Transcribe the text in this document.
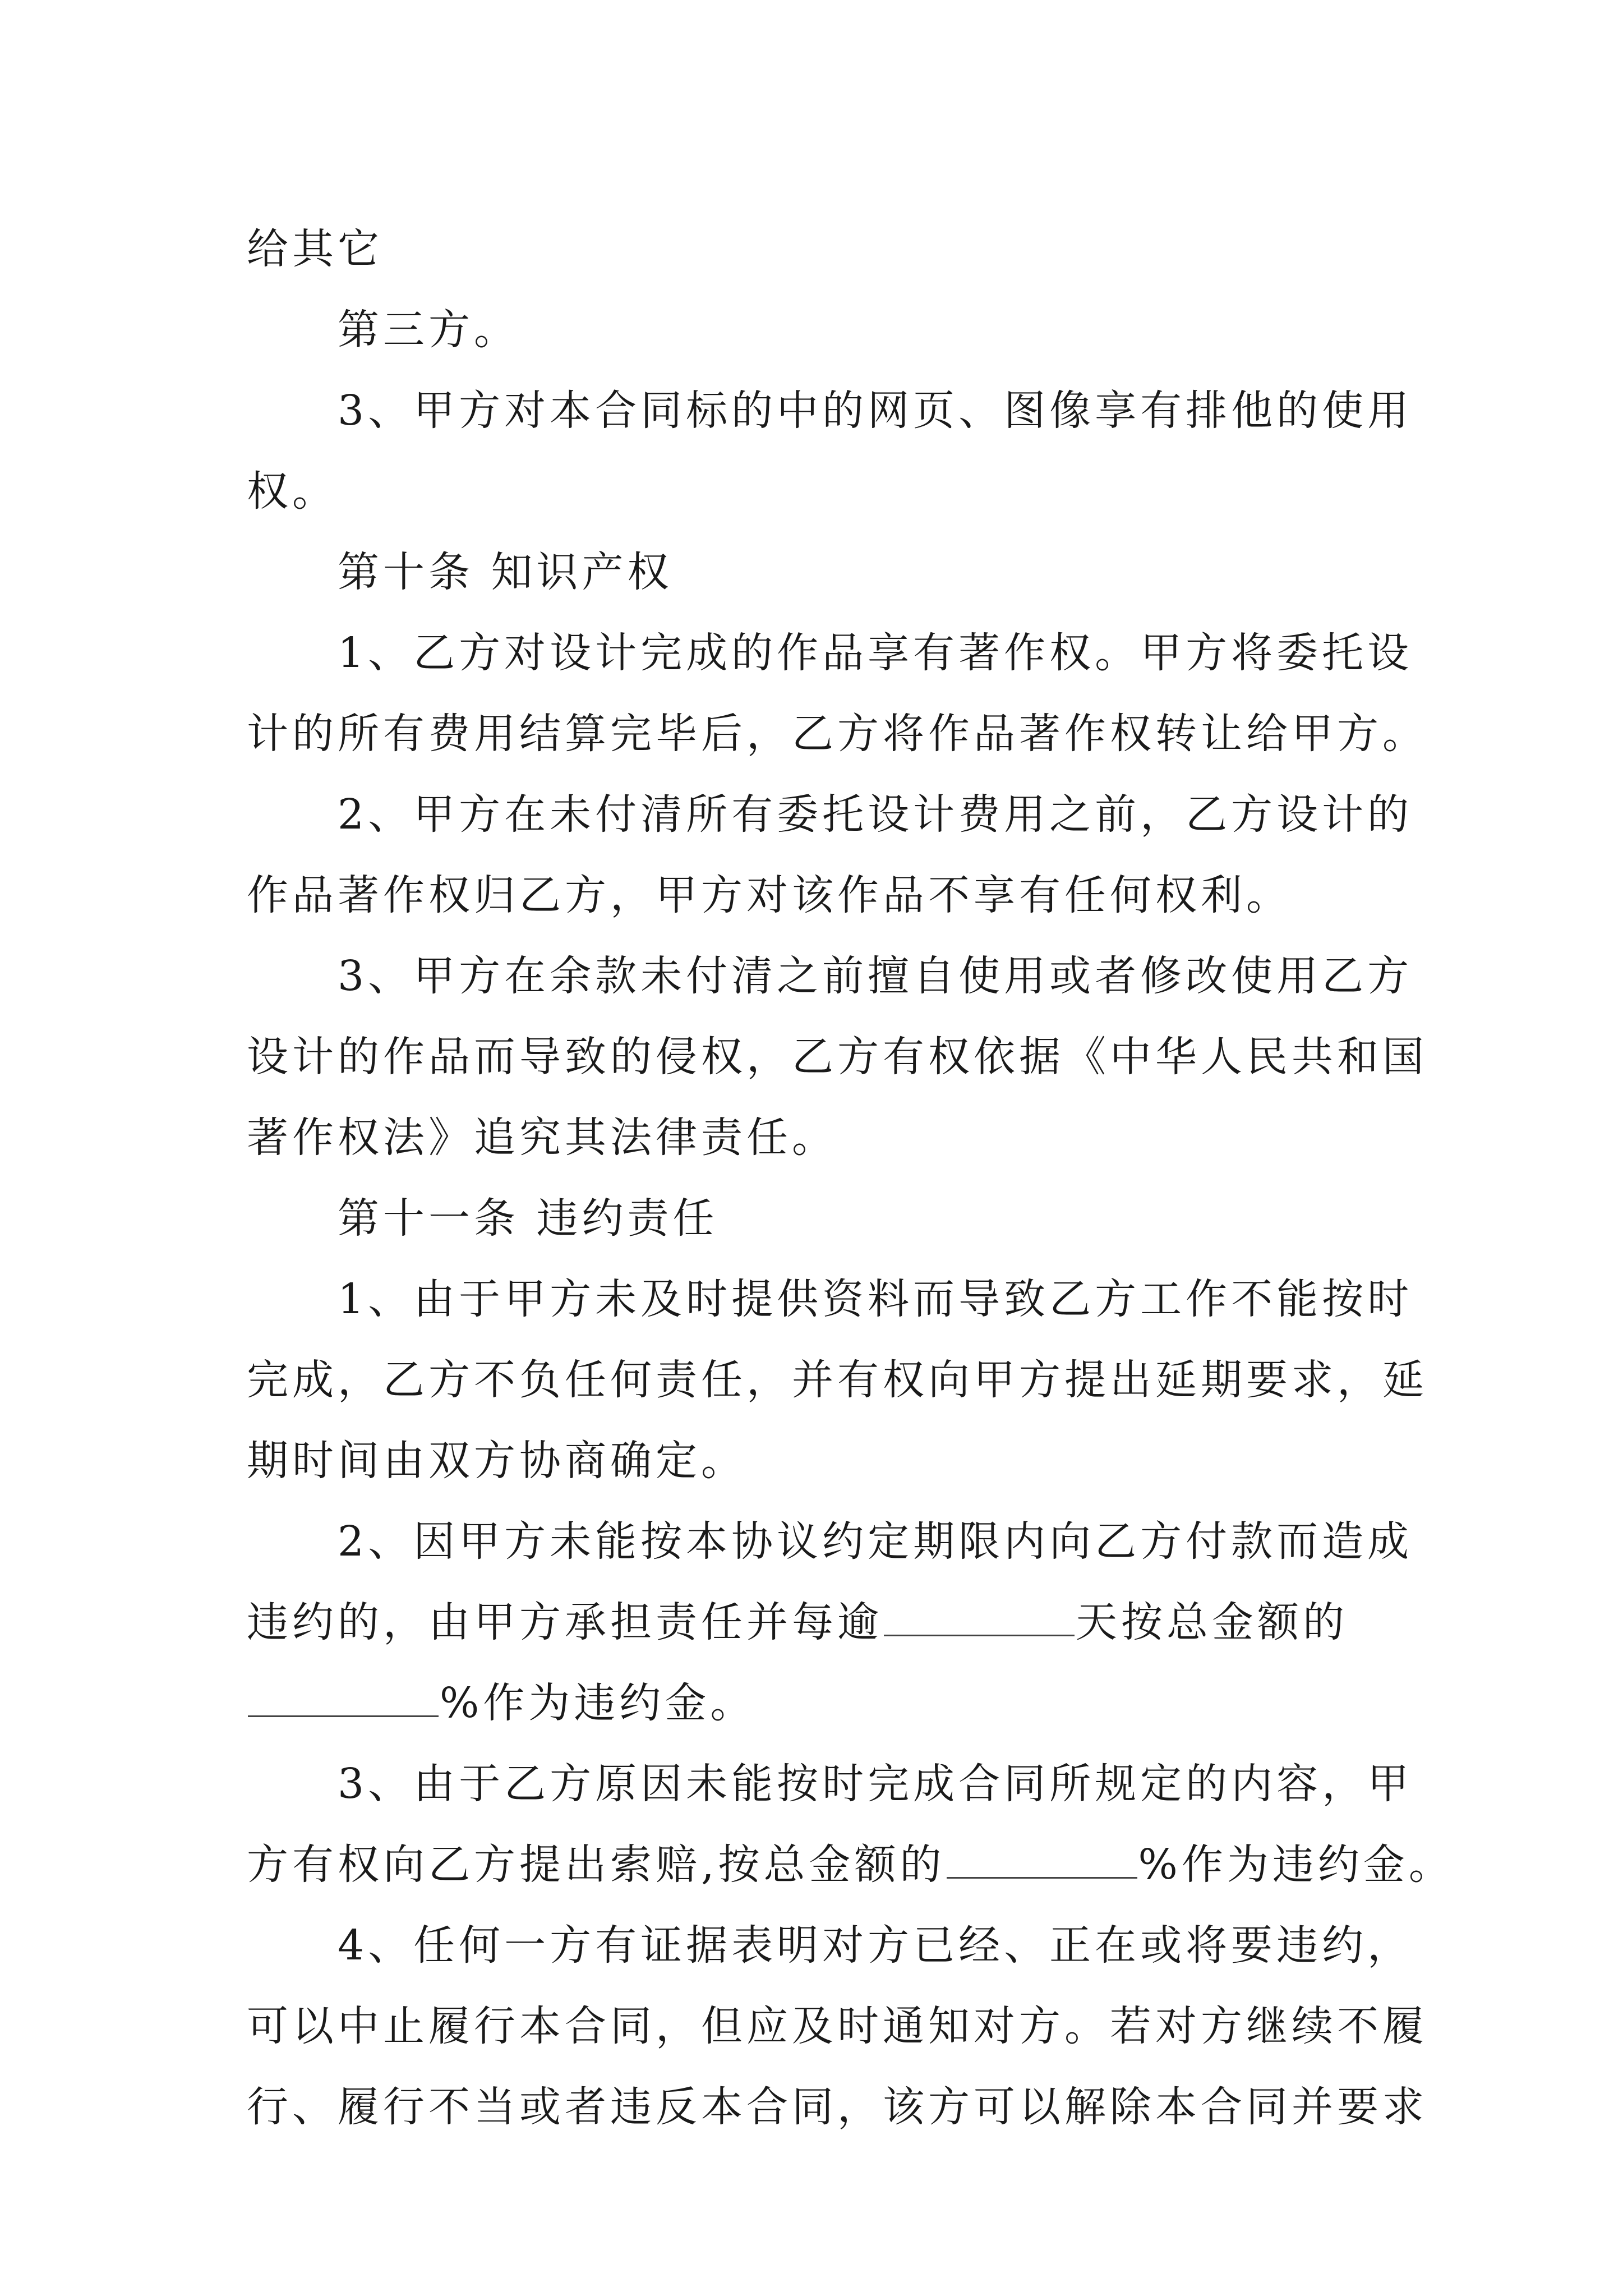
给其它
第三方。
3、甲方对本合同标的中的网页、图像享有排他的使用
权。
第十条 知识产权
1、乙方对设计完成的作品享有著作权。甲方将委托设
计的所有费用结算完毕后，乙方将作品著作权转让给甲方。
2、甲方在未付清所有委托设计费用之前，乙方设计的
作品著作权归乙方，甲方对该作品不享有任何权利。
3、甲方在余款未付清之前擅自使用或者修改使用乙方
设计的作品而导致的侵权，乙方有权依据《中华人民共和国
著作权法》追究其法律责任。
第十一条 违约责任
1、由于甲方未及时提供资料而导致乙方工作不能按时
完成，乙方不负任何责任，并有权向甲方提出延期要求，延
期时间由双方协商确定。
2、因甲方未能按本协议约定期限内向乙方付款而造成
违约的，由甲方承担责任并每逾	天按总金额的
%作为违约金。
3、由于乙方原因未能按时完成合同所规定的内容，甲
方有权向乙方提出索赔,按总金额的	%作为违约金。
4、任何一方有证据表明对方已经、正在或将要违约，
可以中止履行本合同，但应及时通知对方。若对方继续不履
行、履行不当或者违反本合同，该方可以解除本合同并要求
